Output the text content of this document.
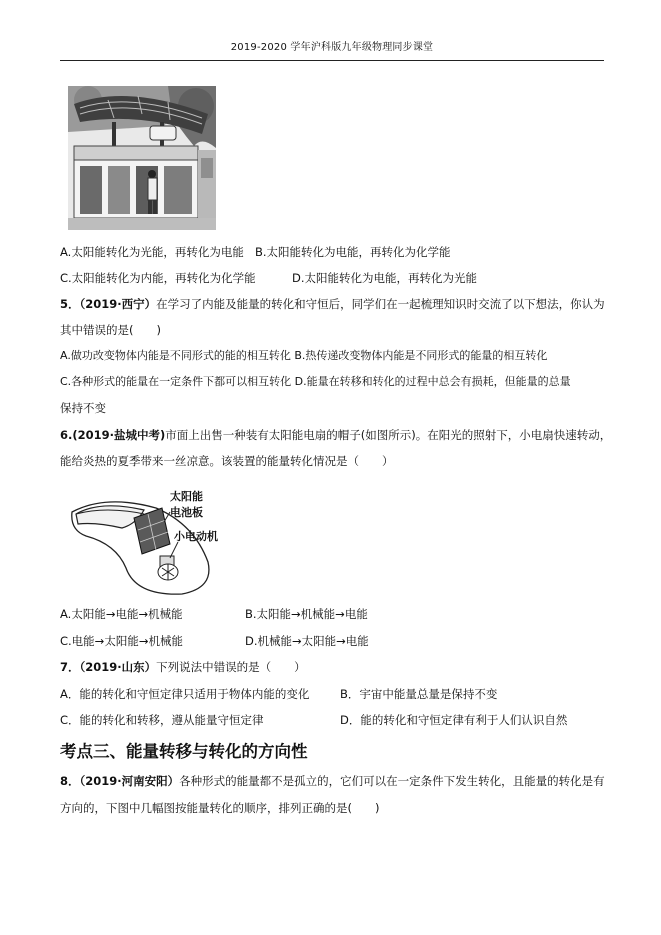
2019-2020 学年沪科版九年级物理同步课堂
A.太阳能转化为光能，再转化为电能 B.太阳能转化为电能，再转化为化学能
C.太阳能转化为内能，再转化为化学能	D.太阳能转化为电能，再转化为光能
5．（2019·西宁）在学习了内能及能量的转化和守恒后，同学们在一起梳理知识时交流了以下想法，你认为
其中错误的是(　　)
A.做功改变物体内能是不同形式的能的相互转化 B.热传递改变物体内能是不同形式的能量的相互转化
C.各种形式的能量在一定条件下都可以相互转化 D.能量在转移和转化的过程中总会有损耗，但能量的总量
保持不变
6.(2019·盐城中考)市面上出售一种装有太阳能电扇的帽子(如图所示)。在阳光的照射下，小电扇快速转动，
能给炎热的夏季带来一丝凉意。该装置的能量转化情况是（　　）
太阳能
电池板
小电动机
A.太阳能→电能→机械能	B.太阳能→机械能→电能
C.电能→太阳能→机械能	D.机械能→太阳能→电能
7．（2019·山东）下列说法中错误的是（　　）
A．能的转化和守恒定律只适用于物体内能的变化	B．宇宙中能量总量是保持不变
C．能的转化和转移，遵从能量守恒定律	D．能的转化和守恒定律有利于人们认识自然
考点三、能量转移与转化的方向性
8．（2019·河南安阳）各种形式的能量都不是孤立的，它们可以在一定条件下发生转化，且能量的转化是有
方向的，下图中几幅图按能量转化的顺序，排列正确的是(　　)
